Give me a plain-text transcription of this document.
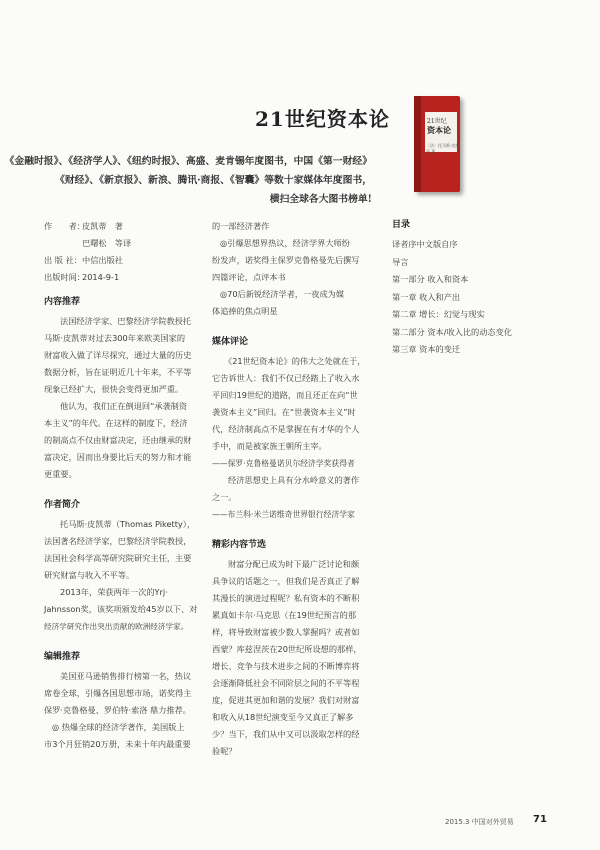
21世纪资本论	21世纪
资本论
〔法〕托马斯·皮凯蒂 著
《金融时报》、《经济学人》、《纽约时报》、高盛、麦肯锡年度图书，中国《第一财经》
《财经》、《新京报》、新浪、腾讯·商报、《智囊》等数十家媒体年度图书，
横扫全球各大图书榜单!
作　　者：皮凯蒂　著
巴曙松　等译
出 版 社：中信出版社
出版时间：2014-9-1
内容推荐
法国经济学家、巴黎经济学院教授托
马斯·皮凯蒂对过去300年来欧美国家的
财富收入做了详尽探究，通过大量的历史
数据分析，旨在证明近几十年来，不平等
现象已经扩大，很快会变得更加严重。
他认为，我们正在倒退回“承袭制资
本主义”的年代。在这样的制度下，经济
的制高点不仅由财富决定，还由继承的财
富决定，因而出身要比后天的努力和才能
更重要。
作者简介
托马斯·皮凯蒂（Thomas Piketty），
法国著名经济学家，巴黎经济学院教授，
法国社会科学高等研究院研究主任，主要
研究财富与收入不平等。
2013年，荣获两年一次的Yrj·
Jahnsson奖，该奖项颁发给45岁以下、对
经济学研究作出突出贡献的欧洲经济学家。
编辑推荐
美国亚马逊销售排行榜第一名，热议
席卷全球，引爆各国思想市场，诺奖得主
保罗·克鲁格曼、罗伯特·索洛 鼎力推荐。
◎ 热爆全球的经济学著作，美国版上
市3个月狂销20万册，未来十年内最重要
的一部经济著作
◎引爆思想界热议，经济学界大师纷
纷发声，诺奖得主保罗克鲁格曼先后撰写
四篇评论，点评本书
◎70后新锐经济学者，一夜成为媒
体追捧的焦点明星
媒体评论
《21世纪资本论》的伟大之处就在于，
它告诉世人：我们不仅已经踏上了收入水
平回归19世纪的道路，而且还正在向“世
袭资本主义”回归。在“世袭资本主义”时
代，经济制高点不是掌握在有才华的个人
手中，而是被家族王朝所主宰。
——保罗·克鲁格曼诺贝尔经济学奖获得者
经济思想史上具有分水岭意义的著作
之一。
——布兰科·米兰诺维奇世界银行经济学家
精彩内容节选
财富分配已成为时下最广泛讨论和颇
具争议的话题之一，但我们是否真正了解
其漫长的演进过程呢？私有资本的不断积
累真如卡尔·马克思（在19世纪预言的那
样，将导致财富被少数人掌握吗？或者如
西蒙？库兹涅茨在20世纪所设想的那样，
增长、竞争与技术进步之间的不断博弈将
会逐渐降低社会不同阶层之间的不平等程
度，促进其更加和谐的发展？我们对财富
和收入从18世纪演变至今又真正了解多
少？当下，我们从中又可以汲取怎样的经
验呢？
目录
译者序中文版自序
导言
第一部分 收入和资本
第一章 收入和产出
第二章 增长：幻觉与现实
第二部分 资本/收入比的动态变化
第三章 资本的变迁
2015.3 中国对外贸易 71
